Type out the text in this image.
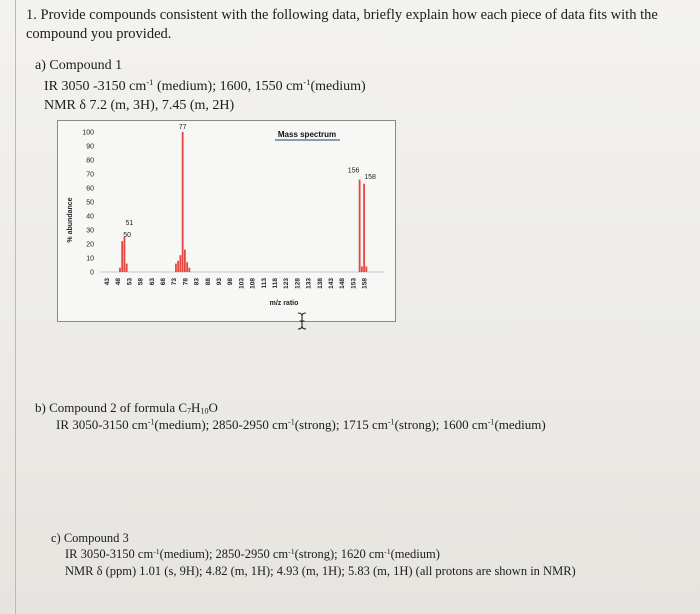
1. Provide compounds consistent with the following data, briefly explain how each piece of data fits with the compound you provided.
a) Compound 1
IR 3050 -3150 $cm^{-1}$ (medium); 1600, 1550 $cm^{-1}(medium)$
NMR δ 7.2 (m, 3H), 7.45 (m, 2H)
% abundance
m/z ratio
Mass spectrum
100
90
80
70
60
50
40
30
20
10
0
43 48 53 58 63 68 73 78 83 88 93 98 103 108 113 118 123 128 133 138 143 148 153 158
77
51
50
156
158
b) Compound 2 of formula $C_7H_{10}O$
IR 3050-3150 $cm^{-1}(medium)$; 2850-2950 $cm^{-1}(strong)$; 1715 $cm^{-1}(strong)$; 1600 $cm^{-1}(medium)$
c) Compound 3
IR 3050-3150 $cm^{-1}(medium)$; 2850-2950 $cm^{-1}(strong)$; 1620 $cm^{-1}(medium)$
NMR δ (ppm) 1.01 (s, 9H); 4.82 (m, 1H); 4.93 (m, 1H); 5.83 (m, 1H) (all protons are shown in NMR)
